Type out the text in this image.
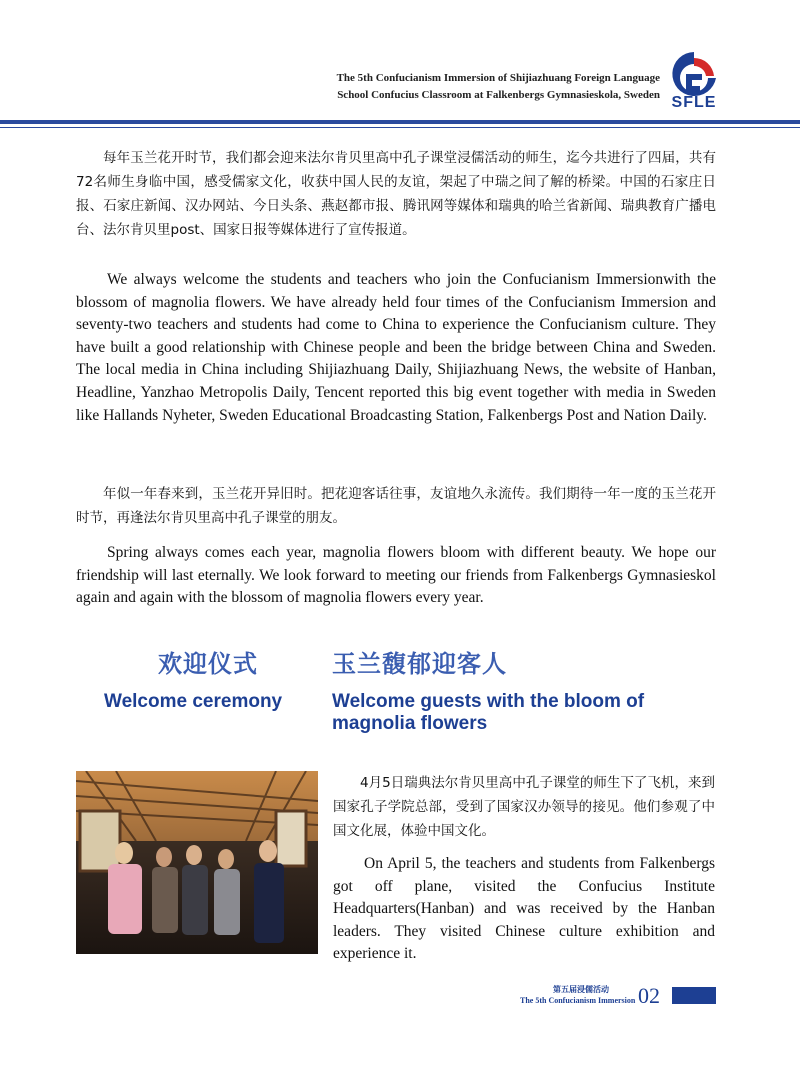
The 5th Confucianism Immersion of Shijiazhuang Foreign Language
School Confucius Classroom at Falkenbergs Gymnasieskola, Sweden SFLE
每年玉兰花开时节，我们都会迎来法尔肯贝里高中孔子课堂浸儒活动的师生，迄今共进行了四届，共有72名师生身临中国，感受儒家文化，收获中国人民的友谊，架起了中瑞之间了解的桥梁。中国的石家庄日报、石家庄新闻、汉办网站、今日头条、燕赵都市报、腾讯网等媒体和瑞典的哈兰省新闻、瑞典教育广播电台、法尔肯贝里post、国家日报等媒体进行了宣传报道。
We always welcome the students and teachers who join the Confucianism Immersionwith the blossom of magnolia flowers. We have already held four times of the Confucianism Immersion and seventy-two teachers and students had come to China to experience the Confucianism culture. They have built a good relationship with Chinese people and been the bridge between China and Sweden. The local media in China including Shijiazhuang Daily, Shijiazhuang News, the website of Hanban, Headline, Yanzhao Metropolis Daily, Tencent reported this big event together with media in Sweden like Hallands Nyheter, Sweden Educational Broadcasting Station, Falkenbergs Post and Nation Daily.
年似一年春来到，玉兰花开异旧时。把花迎客话往事，友谊地久永流传。我们期待一年一度的玉兰花开时节，再逢法尔肯贝里高中孔子课堂的朋友。
Spring always comes each year, magnolia flowers bloom with different beauty. We hope our friendship will last eternally. We look forward to meeting our friends from Falkenbergs Gymnasieskol again and again with the blossom of magnolia flowers every year.
欢迎仪式	玉兰馥郁迎客人
Welcome ceremony	Welcome guests with the bloom of magnolia flowers
4月5日瑞典法尔肯贝里高中孔子课堂的师生下了飞机，来到国家孔子学院总部，受到了国家汉办领导的接见。他们参观了中国文化展，体验中国文化。
On April 5, the teachers and students from Falkenbergs got off plane, visited the Confucius Institute Headquarters(Hanban) and was received by the Hanban leaders. They visited Chinese culture exhibition and experience it.
第五届浸儒活动
The 5th Confucianism Immersion 02
